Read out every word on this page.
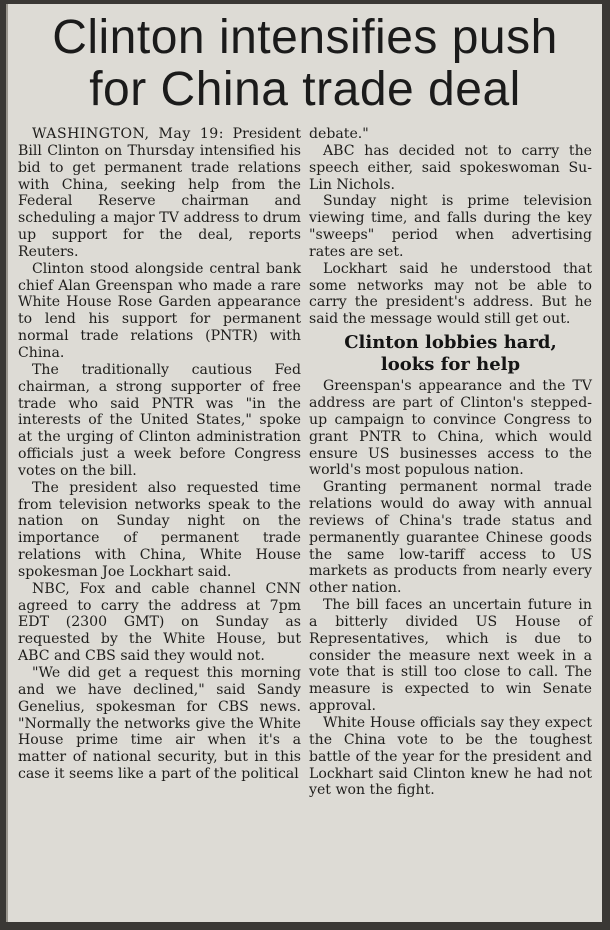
Clinton intensifies push
for China trade deal

WASHINGTON, May 19: President Bill Clinton on Thursday intensified his bid to get permanent trade relations with China, seeking help from the Federal Reserve chairman and scheduling a major TV address to drum up support for the deal, reports Reuters.

Clinton stood alongside central bank chief Alan Greenspan who made a rare White House Rose Garden appearance to lend his support for permanent normal trade relations (PNTR) with China.

The traditionally cautious Fed chairman, a strong supporter of free trade who said PNTR was "in the interests of the United States," spoke at the urging of Clinton administration officials just a week before Congress votes on the bill.

The president also requested time from television networks speak to the nation on Sunday night on the importance of permanent trade relations with China, White House spokesman Joe Lockhart said.

NBC, Fox and cable channel CNN agreed to carry the address at 7pm EDT (2300 GMT) on Sunday as requested by the White House, but ABC and CBS said they would not.

"We did get a request this morning and we have declined," said Sandy Genelius, spokesman for CBS news. "Normally the networks give the White House prime time air when it's a matter of national security, but in this case it seems like a part of the political

debate."

ABC has decided not to carry the speech either, said spokeswoman Su-Lin Nichols.

Sunday night is prime television viewing time, and falls during the key "sweeps" period when advertising rates are set.

Lockhart said he understood that some networks may not be able to carry the president's address. But he said the message would still get out.

Clinton lobbies hard,
looks for help

Greenspan's appearance and the TV address are part of Clinton's stepped-up campaign to convince Congress to grant PNTR to China, which would ensure US businesses access to the world's most populous nation.

Granting permanent normal trade relations would do away with annual reviews of China's trade status and permanently guarantee Chinese goods the same low-tariff access to US markets as products from nearly every other nation.

The bill faces an uncertain future in a bitterly divided US House of Representatives, which is due to consider the measure next week in a vote that is still too close to call. The measure is expected to win Senate approval.

White House officials say they expect the China vote to be the toughest battle of the year for the president and Lockhart said Clinton knew he had not yet won the fight.
